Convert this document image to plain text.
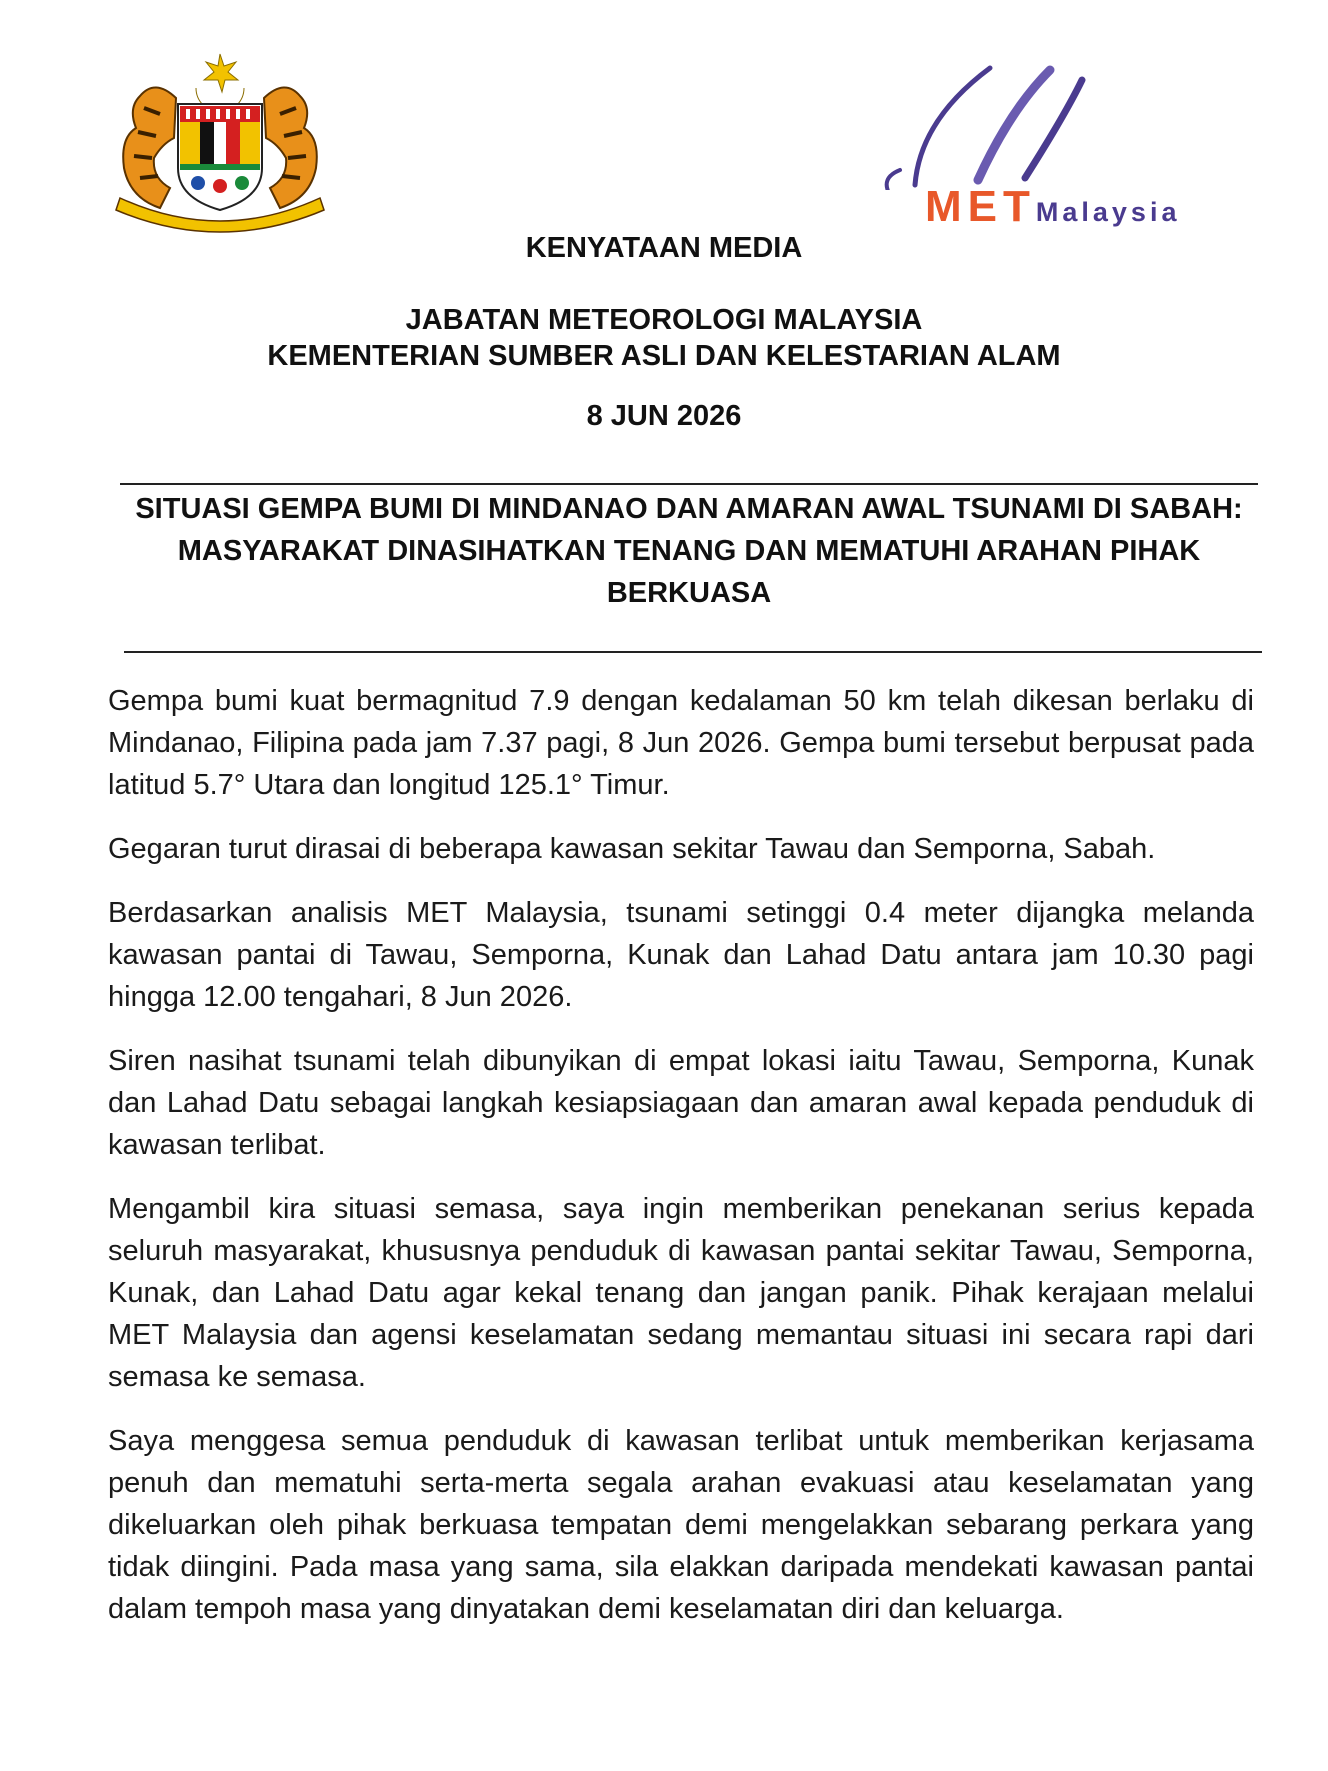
METMalaysia
KENYATAAN MEDIA
JABATAN METEOROLOGI MALAYSIA
KEMENTERIAN SUMBER ASLI DAN KELESTARIAN ALAM
8 JUN 2026
SITUASI GEMPA BUMI DI MINDANAO DAN AMARAN AWAL TSUNAMI DI SABAH: MASYARAKAT DINASIHATKAN TENANG DAN MEMATUHI ARAHAN PIHAK BERKUASA

Gempa bumi kuat bermagnitud 7.9 dengan kedalaman 50 km telah dikesan berlaku di Mindanao, Filipina pada jam 7.37 pagi, 8 Jun 2026. Gempa bumi tersebut berpusat pada latitud 5.7° Utara dan longitud 125.1° Timur.

Gegaran turut dirasai di beberapa kawasan sekitar Tawau dan Semporna, Sabah.

Berdasarkan analisis MET Malaysia, tsunami setinggi 0.4 meter dijangka melanda kawasan pantai di Tawau, Semporna, Kunak dan Lahad Datu antara jam 10.30 pagi hingga 12.00 tengahari, 8 Jun 2026.

Siren nasihat tsunami telah dibunyikan di empat lokasi iaitu Tawau, Semporna, Kunak dan Lahad Datu sebagai langkah kesiapsiagaan dan amaran awal kepada penduduk di kawasan terlibat.

Mengambil kira situasi semasa, saya ingin memberikan penekanan serius kepada seluruh masyarakat, khususnya penduduk di kawasan pantai sekitar Tawau, Semporna, Kunak, dan Lahad Datu agar kekal tenang dan jangan panik. Pihak kerajaan melalui MET Malaysia dan agensi keselamatan sedang memantau situasi ini secara rapi dari semasa ke semasa.

Saya menggesa semua penduduk di kawasan terlibat untuk memberikan kerjasama penuh dan mematuhi serta-merta segala arahan evakuasi atau keselamatan yang dikeluarkan oleh pihak berkuasa tempatan demi mengelakkan sebarang perkara yang tidak diingini. Pada masa yang sama, sila elakkan daripada mendekati kawasan pantai dalam tempoh masa yang dinyatakan demi keselamatan diri dan keluarga.
